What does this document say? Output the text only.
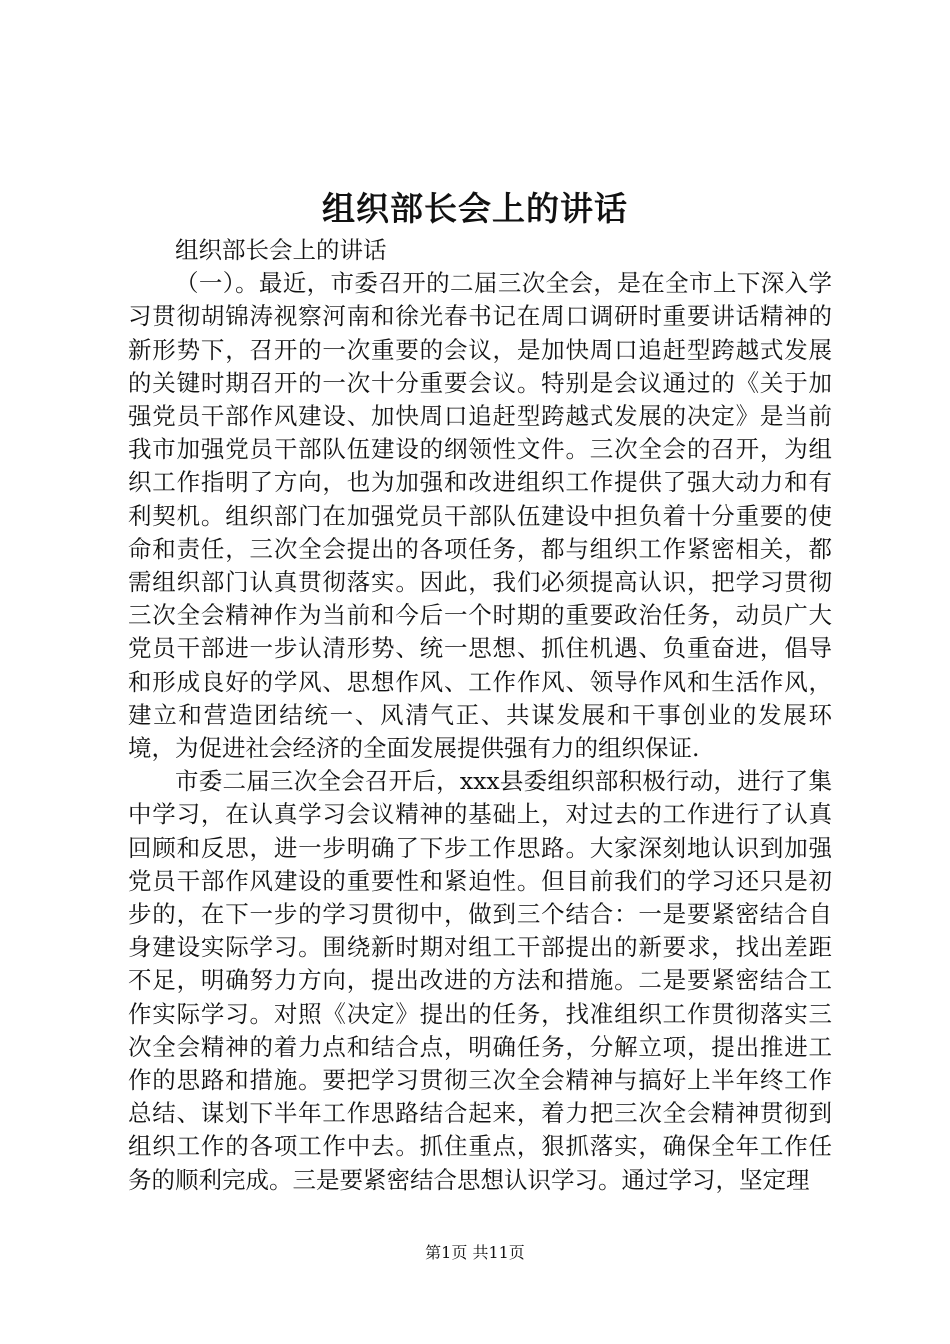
组织部长会上的讲话

组织部长会上的讲话

（一）。最近，市委召开的二届三次全会，是在全市上下深入学习贯彻胡锦涛视察河南和徐光春书记在周口调研时重要讲话精神的新形势下，召开的一次重要的会议，是加快周口追赶型跨越式发展的关键时期召开的一次十分重要会议。特别是会议通过的《关于加强党员干部作风建设、加快周口追赶型跨越式发展的决定》是当前我市加强党员干部队伍建设的纲领性文件。三次全会的召开，为组织工作指明了方向，也为加强和改进组织工作提供了强大动力和有利契机。组织部门在加强党员干部队伍建设中担负着十分重要的使命和责任，三次全会提出的各项任务，都与组织工作紧密相关，都需组织部门认真贯彻落实。因此，我们必须提高认识，把学习贯彻三次全会精神作为当前和今后一个时期的重要政治任务，动员广大党员干部进一步认清形势、统一思想、抓住机遇、负重奋进，倡导和形成良好的学风、思想作风、工作作风、领导作风和生活作风，建立和营造团结统一、风清气正、共谋发展和干事创业的发展环境，为促进社会经济的全面发展提供强有力的组织保证.

市委二届三次全会召开后，xxx县委组织部积极行动，进行了集中学习，在认真学习会议精神的基础上，对过去的工作进行了认真回顾和反思，进一步明确了下步工作思路。大家深刻地认识到加强党员干部作风建设的重要性和紧迫性。但目前我们的学习还只是初步的，在下一步的学习贯彻中，做到三个结合：一是要紧密结合自身建设实际学习。围绕新时期对组工干部提出的新要求，找出差距不足，明确努力方向，提出改进的方法和措施。二是要紧密结合工作实际学习。对照《决定》提出的任务，找准组织工作贯彻落实三次全会精神的着力点和结合点，明确任务，分解立项，提出推进工作的思路和措施。要把学习贯彻三次全会精神与搞好上半年终工作总结、谋划下半年工作思路结合起来，着力把三次全会精神贯彻到组织工作的各项工作中去。抓住重点，狠抓落实，确保全年工作任务的顺利完成。三是要紧密结合思想认识学习。通过学习，坚定理

第1页 共11页
